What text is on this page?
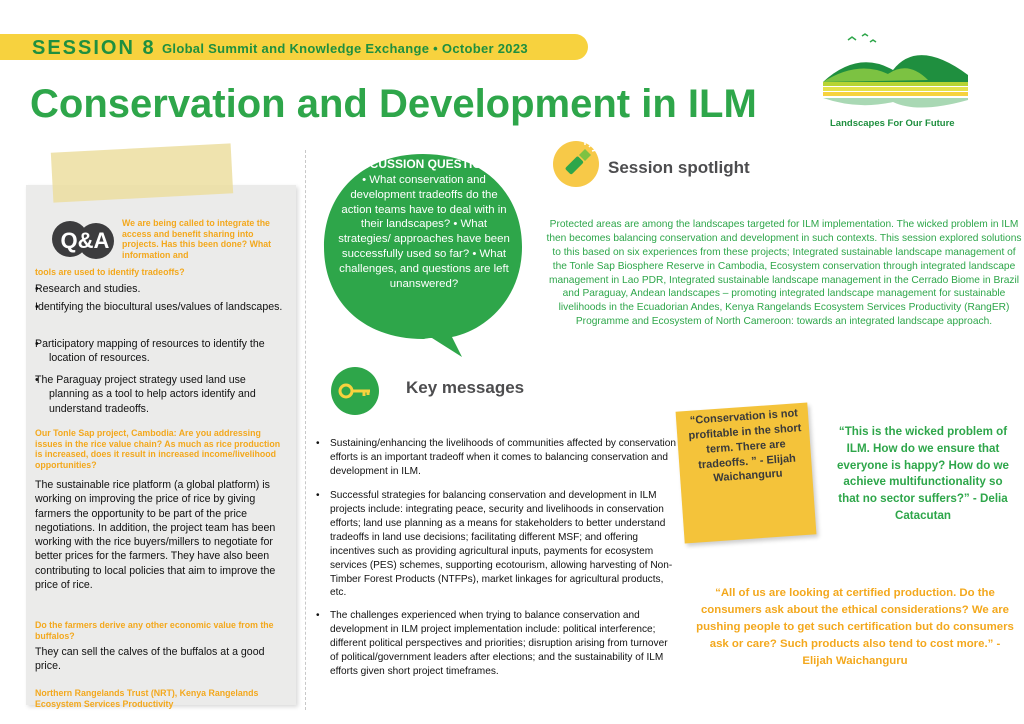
SESSION 8 Global Summit and Knowledge Exchange • October 2023
Conservation and Development in ILM	Landscapes For Our Future
Q&A
We are being called to integrate the access and benefit sharing into projects. Has this been done? What information and
tools are used to identify tradeoffs?
• Research and studies.
• Identifying the biocultural uses/values of landscapes.
• Participatory mapping of resources to identify the location of resources.
• The Paraguay project strategy used land use planning as a tool to help actors identify and understand tradeoffs.
Our Tonle Sap project, Cambodia: Are you addressing issues in the rice value chain? As much as rice production is increased, does it result in increased income/livelihood opportunities?
The sustainable rice platform (a global platform) is working on improving the price of rice by giving farmers the opportunity to be part of the price negotiations. In addition, the project team has been working with the rice buyers/millers to negotiate for better prices for the farmers. They have also been contributing to local policies that aim to improve the price of rice.
Do the farmers derive any other economic value from the buffalos?
They can sell the calves of the buffalos at a good price.
Northern Rangelands Trust (NRT), Kenya Rangelands Ecosystem Services Productivity
DISCUSSION QUESTIONS
• What conservation and development tradeoffs do the action teams have to deal with in their landscapes? • What strategies/ approaches have been successfully used so far? • What challenges, and questions are left unanswered?
Session spotlight
Protected areas are among the landscapes targeted for ILM implementation. The wicked problem in ILM then becomes balancing conservation and development in such contexts. This session explored solutions to this based on six experiences from these projects; Integrated sustainable landscape management of the Tonle Sap Biosphere Reserve in Cambodia, Ecosystem conservation through integrated landscape management in Lao PDR, Integrated sustainable landscape management in the Cerrado Biome in Brazil and Paraguay, Andean landscapes – promoting integrated landscape management for sustainable livelihoods in the Ecuadorian Andes, Kenya Rangelands Ecosystem Services Productivity (RangER) Programme and Ecosystem of North Cameroon: towards an integrated landscape approach.
Key messages
• Sustaining/enhancing the livelihoods of communities affected by conservation efforts is an important tradeoff when it comes to balancing conservation and development in ILM.
• Successful strategies for balancing conservation and development in ILM projects include: integrating peace, security and livelihoods in conservation efforts; land use planning as a means for stakeholders to better understand tradeoffs in land use decisions; facilitating different MSF; and offering incentives such as providing agricultural inputs, payments for ecosystem services (PES) schemes, supporting ecotourism, allowing harvesting of Non-Timber Forest Products (NTFPs), market linkages for agricultural products, etc.
• The challenges experienced when trying to balance conservation and development in ILM project implementation include: political interference; different political perspectives and priorities; disruption arising from turnover of political/government leaders after elections; and the sustainability of ILM efforts given short project timeframes.
“Conservation is not profitable in the short term. There are tradeoffs. ” - Elijah Waichanguru
“This is the wicked problem of ILM. How do we ensure that everyone is happy? How do we achieve multifunctionality so that no sector suffers?” - Delia Catacutan
“All of us are looking at certified production. Do the consumers ask about the ethical considerations? We are pushing people to get such certification but do consumers ask or care? Such products also tend to cost more.” - Elijah Waichanguru
